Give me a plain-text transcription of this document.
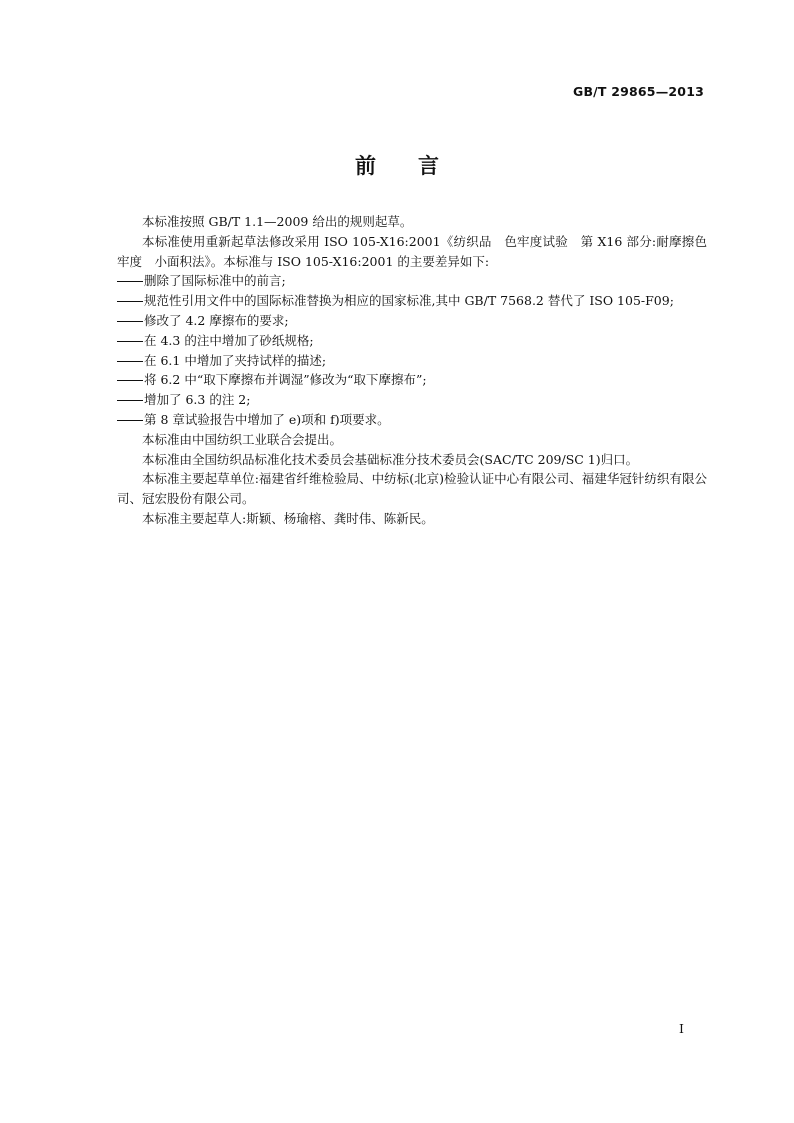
GB/T 29865—2013
前　　言

本标准按照 GB/T 1.1—2009 给出的规则起草。

本标准使用重新起草法修改采用 ISO 105-X16:2001《纺织品　色牢度试验　第 X16 部分:耐摩擦色牢度　小面积法》。本标准与 ISO 105-X16:2001 的主要差异如下:

删除了国际标准中的前言;

规范性引用文件中的国际标准替换为相应的国家标准,其中 GB/T 7568.2 替代了 ISO 105-F09;

修改了 4.2 摩擦布的要求;

在 4.3 的注中增加了砂纸规格;

在 6.1 中增加了夹持试样的描述;

将 6.2 中“取下摩擦布并调湿”修改为“取下摩擦布”;

增加了 6.3 的注 2;

第 8 章试验报告中增加了 e)项和 f)项要求。

本标准由中国纺织工业联合会提出。

本标准由全国纺织品标准化技术委员会基础标准分技术委员会(SAC/TC 209/SC 1)归口。

本标准主要起草单位:福建省纤维检验局、中纺标(北京)检验认证中心有限公司、福建华冠针纺织有限公司、冠宏股份有限公司。

本标准主要起草人:斯颖、杨瑜榕、龚时伟、陈新民。

I
